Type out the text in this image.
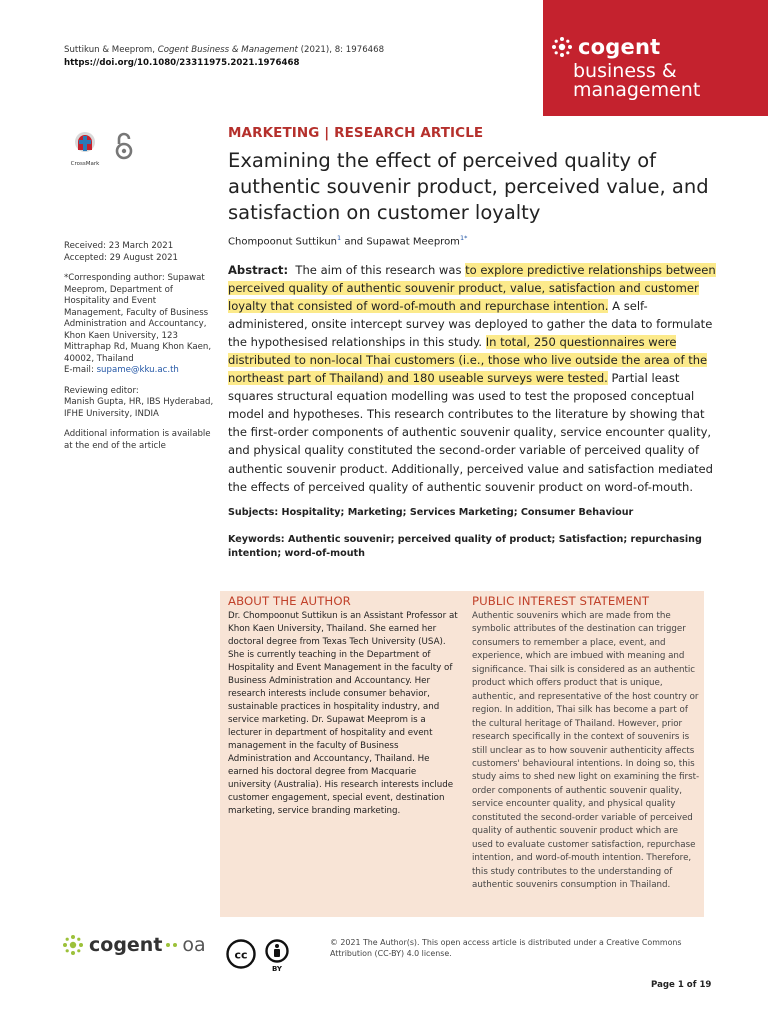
Suttikun & Meeprom, Cogent Business & Management (2021), 8: 1976468
https://doi.org/10.1080/23311975.2021.1976468
cogent
business &
management
CrossMark
Received: 23 March 2021
Accepted: 29 August 2021
*Corresponding author: Supawat Meeprom, Department of Hospitality and Event Management, Faculty of Business Administration and Accountancy, Khon Kaen University, 123 Mittraphap Rd, Muang Khon Kaen, 40002, Thailand
E-mail: supame@kku.ac.th
Reviewing editor:
Manish Gupta, HR, IBS Hyderabad, IFHE University, INDIA
Additional information is available at the end of the article
MARKETING | RESEARCH ARTICLE
Examining the effect of perceived quality of authentic souvenir product, perceived value, and satisfaction on customer loyalty
Chompoonut Suttikun$^1$ and Supawat Meeprom$^{1*}$
Abstract:  The aim of this research was to explore predictive relationships between perceived quality of authentic souvenir product, value, satisfaction and customer loyalty that consisted of word-of-mouth and repurchase intention. A self-administered, onsite intercept survey was deployed to gather the data to formulate the hypothesised relationships in this study. In total, 250 questionnaires were distributed to non-local Thai customers (i.e., those who live outside the area of the northeast part of Thailand) and 180 useable surveys were tested. Partial least squares structural equation modelling was used to test the proposed conceptual model and hypotheses. This research contributes to the literature by showing that the first-order components of authentic souvenir quality, service encounter quality, and physical quality constituted the second-order variable of perceived quality of authentic souvenir product. Additionally, perceived value and satisfaction mediated the effects of perceived quality of authentic souvenir product on word-of-mouth.
Subjects: Hospitality; Marketing; Services Marketing; Consumer Behaviour
Keywords: Authentic souvenir; perceived quality of product; Satisfaction; repurchasing intention; word-of-mouth
ABOUT THE AUTHOR

Dr. Chompoonut Suttikun is an Assistant Professor at Khon Kaen University, Thailand. She earned her doctoral degree from Texas Tech University (USA). She is currently teaching in the Department of Hospitality and Event Management in the faculty of Business Administration and Accountancy. Her research interests include consumer behavior, sustainable practices in hospitality industry, and service marketing. Dr. Supawat Meeprom is a lecturer in department of hospitality and event management in the faculty of Business Administration and Accountancy, Thailand. He earned his doctoral degree from Macquarie university (Australia). His research interests include customer engagement, special event, destination marketing, service branding marketing.

PUBLIC INTEREST STATEMENT

Authentic souvenirs which are made from the symbolic attributes of the destination can trigger consumers to remember a place, event, and experience, which are imbued with meaning and significance. Thai silk is considered as an authentic product which offers product that is unique, authentic, and representative of the host country or region. In addition, Thai silk has become a part of the cultural heritage of Thailand. However, prior research specifically in the context of souvenirs is still unclear as to how souvenir authenticity affects customers' behavioural intentions. In doing so, this study aims to shed new light on examining the first-order components of authentic souvenir quality, service encounter quality, and physical quality constituted the second-order variable of perceived quality of authentic souvenir product which are used to evaluate customer satisfaction, repurchase intention, and word-of-mouth intention. Therefore, this study contributes to the understanding of authentic souvenirs consumption in Thailand.

cogent oa	cc
BY
© 2021 The Author(s). This open access article is distributed under a Creative Commons Attribution (CC-BY) 4.0 license.
Page 1 of 19
